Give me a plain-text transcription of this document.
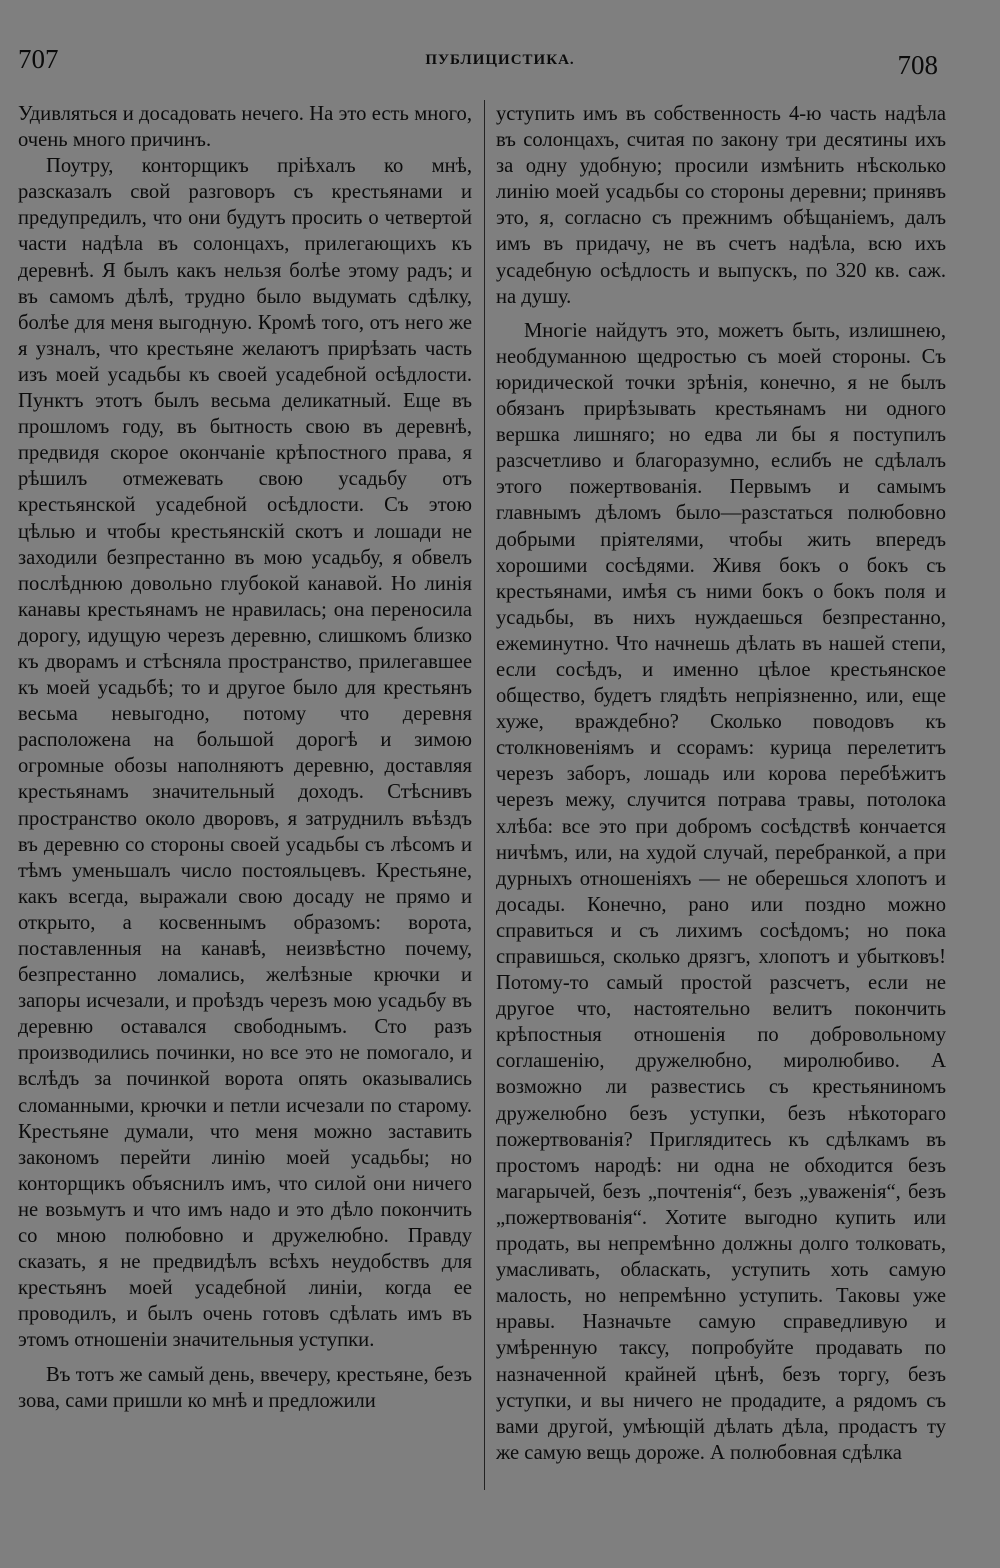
707	ПУБЛИЦИСТИКА.	708

Удивляться и досадовать нечего. На это есть много, очень много причинъ.

Поутру, конторщикъ пріѣхалъ ко мнѣ, разсказалъ свой разговоръ съ крестьянами и предупредилъ, что они будутъ просить о четвертой части надѣла въ солонцахъ, прилегающихъ къ деревнѣ. Я былъ какъ нельзя болѣе этому радъ; и въ самомъ дѣлѣ, трудно было выдумать сдѣлку, болѣе для меня выгодную. Кромѣ того, отъ него же я узналъ, что крестьяне желаютъ прирѣзать часть изъ моей усадьбы къ своей усадебной осѣдлости. Пунктъ этотъ былъ весьма деликатный. Еще въ прошломъ году, въ бытность свою въ деревнѣ, предвидя скорое окончаніе крѣпостного права, я рѣшилъ отмежевать свою усадьбу отъ крестьянской усадебной осѣдлости. Съ этою цѣлью и чтобы крестьянскій скотъ и лошади не заходили безпрестанно въ мою усадьбу, я обвелъ послѣднюю довольно глубокой канавой. Но линія канавы крестьянамъ не нравилась; она переносила дорогу, идущую черезъ деревню, слишкомъ близко къ дворамъ и стѣсняла пространство, прилегавшее къ моей усадьбѣ; то и другое было для крестьянъ весьма невыгодно, потому что деревня расположена на большой дорогѣ и зимою огромные обозы наполняютъ деревню, доставляя крестьянамъ значительный доходъ. Стѣснивъ пространство около дворовъ, я затруднилъ въѣздъ въ деревню со стороны своей усадьбы съ лѣсомъ и тѣмъ уменьшалъ число постояльцевъ. Крестьяне, какъ всегда, выражали свою досаду не прямо и открыто, а косвеннымъ образомъ: ворота, поставленныя на канавѣ, неизвѣстно почему, безпрестанно ломались, желѣзные крючки и запоры исчезали, и проѣздъ черезъ мою усадьбу въ деревню оставался свободнымъ. Сто разъ производились починки, но все это не помогало, и вслѣдъ за починкой ворота опять оказывались сломанными, крючки и петли исчезали по старому. Крестьяне думали, что меня можно заставить закономъ перейти линію моей усадьбы; но конторщикъ объяснилъ имъ, что силой они ничего не возьмутъ и что имъ надо и это дѣло покончить со мною полюбовно и дружелюбно. Правду сказать, я не предвидѣлъ всѣхъ неудобствъ для крестьянъ моей усадебной линіи, когда ее проводилъ, и былъ очень готовъ сдѣлать имъ въ этомъ отношеніи значительныя уступки.

Въ тотъ же самый день, ввечеру, крестьяне, безъ зова, сами пришли ко мнѣ и предложили

уступить имъ въ собственность 4-ю часть надѣла въ солонцахъ, считая по закону три десятины ихъ за одну удобную; просили измѣнить нѣсколько линію моей усадьбы со стороны деревни; принявъ это, я, согласно съ прежнимъ обѣщаніемъ, далъ имъ въ придачу, не въ счетъ надѣла, всю ихъ усадебную осѣдлость и выпускъ, по 320 кв. саж. на душу.

Многіе найдутъ это, можетъ быть, излишнею, необдуманною щедростью съ моей стороны. Съ юридической точки зрѣнія, конечно, я не былъ обязанъ прирѣзывать крестьянамъ ни одного вершка лишняго; но едва ли бы я поступилъ разсчетливо и благоразумно, еслибъ не сдѣлалъ этого пожертвованія. Первымъ и самымъ главнымъ дѣломъ было—разстаться полюбовно добрыми пріятелями, чтобы жить впередъ хорошими сосѣдями. Живя бокъ о бокъ съ крестьянами, имѣя съ ними бокъ о бокъ поля и усадьбы, въ нихъ нуждаешься безпрестанно, ежеминутно. Что начнешь дѣлать въ нашей степи, если сосѣдъ, и именно цѣлое крестьянское общество, будетъ глядѣть непріязненно, или, еще хуже, враждебно? Сколько поводовъ къ столкновеніямъ и ссорамъ: курица перелетитъ черезъ заборъ, лошадь или корова перебѣжитъ черезъ межу, случится потрава травы, потолока хлѣба: все это при добромъ сосѣдствѣ кончается ничѣмъ, или, на худой случай, перебранкой, а при дурныхъ отношеніяхъ — не оберешься хлопотъ и досады. Конечно, рано или поздно можно справиться и съ лихимъ сосѣдомъ; но пока справишься, сколько дрязгъ, хлопотъ и убытковъ! Потому-то самый простой разсчетъ, если не другое что, настоятельно велитъ покончить крѣпостныя отношенія по добровольному соглашенію, дружелюбно, миролюбиво. А возможно ли развестись съ крестьяниномъ дружелюбно безъ уступки, безъ нѣкотораго пожертвованія? Приглядитесь къ сдѣлкамъ въ простомъ народѣ: ни одна не обходится безъ магарычей, безъ „почтенія“, безъ „уваженія“, безъ „пожертвованія“. Хотите выгодно купить или продать, вы непремѣнно должны долго толковать, умасливать, обласкать, уступить хоть самую малость, но непремѣнно уступить. Таковы уже нравы. Назначьте самую справедливую и умѣренную таксу, попробуйте продавать по назначенной крайней цѣнѣ, безъ торгу, безъ уступки, и вы ничего не продадите, а рядомъ съ вами другой, умѣющій дѣлать дѣла, продастъ ту же самую вещь дороже. А полюбовная сдѣлка
